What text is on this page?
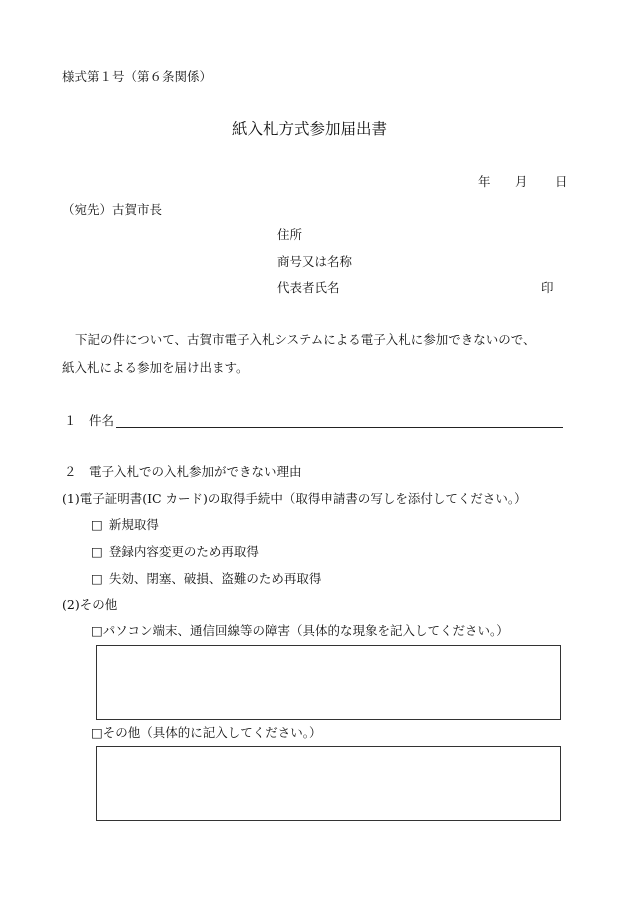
様式第１号（第６条関係）
紙入札方式参加届出書
年 月 日
（宛先）古賀市長
住所
商号又は名称
代表者氏名	印
下記の件について、古賀市電子入札システムによる電子入札に参加できないので、
紙入札による参加を届け出ます。
１ 件名
２　電子入札での入札参加ができない理由
(1)電子証明書(IC カード)の取得手続中（取得申請書の写しを添付してください。）
□ 新規取得
□ 登録内容変更のため再取得
□ 失効、閉塞、破損、盗難のため再取得
(2)その他
□パソコン端末、通信回線等の障害（具体的な現象を記入してください。）
□その他（具体的に記入してください。）
